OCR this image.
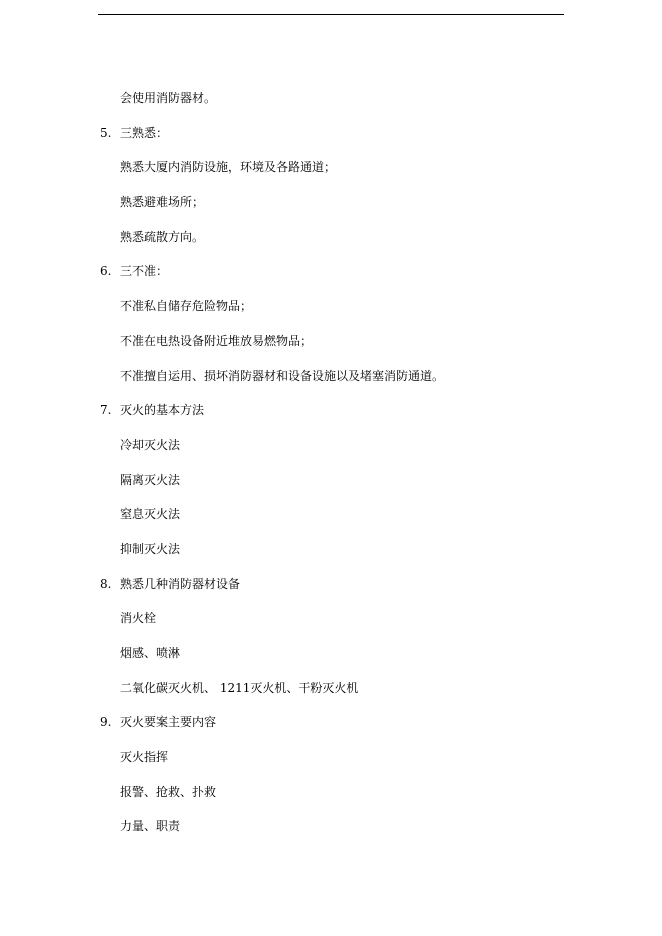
会使用消防器材。
5. 三熟悉：
熟悉大厦内消防设施，环境及各路通道；
熟悉避难场所；
熟悉疏散方向。
6. 三不准：
不准私自储存危险物品；
不准在电热设备附近堆放易燃物品；
不准擅自运用、损坏消防器材和设备设施以及堵塞消防通道。
7. 灭火的基本方法
冷却灭火法
隔离灭火法
窒息灭火法
抑制灭火法
8. 熟悉几种消防器材设备
消火栓
烟感、喷淋
二氧化碳灭火机、 1211灭火机、干粉灭火机
9. 灭火要案主要内容
灭火指挥
报警、抢救、扑救
力量、职责
